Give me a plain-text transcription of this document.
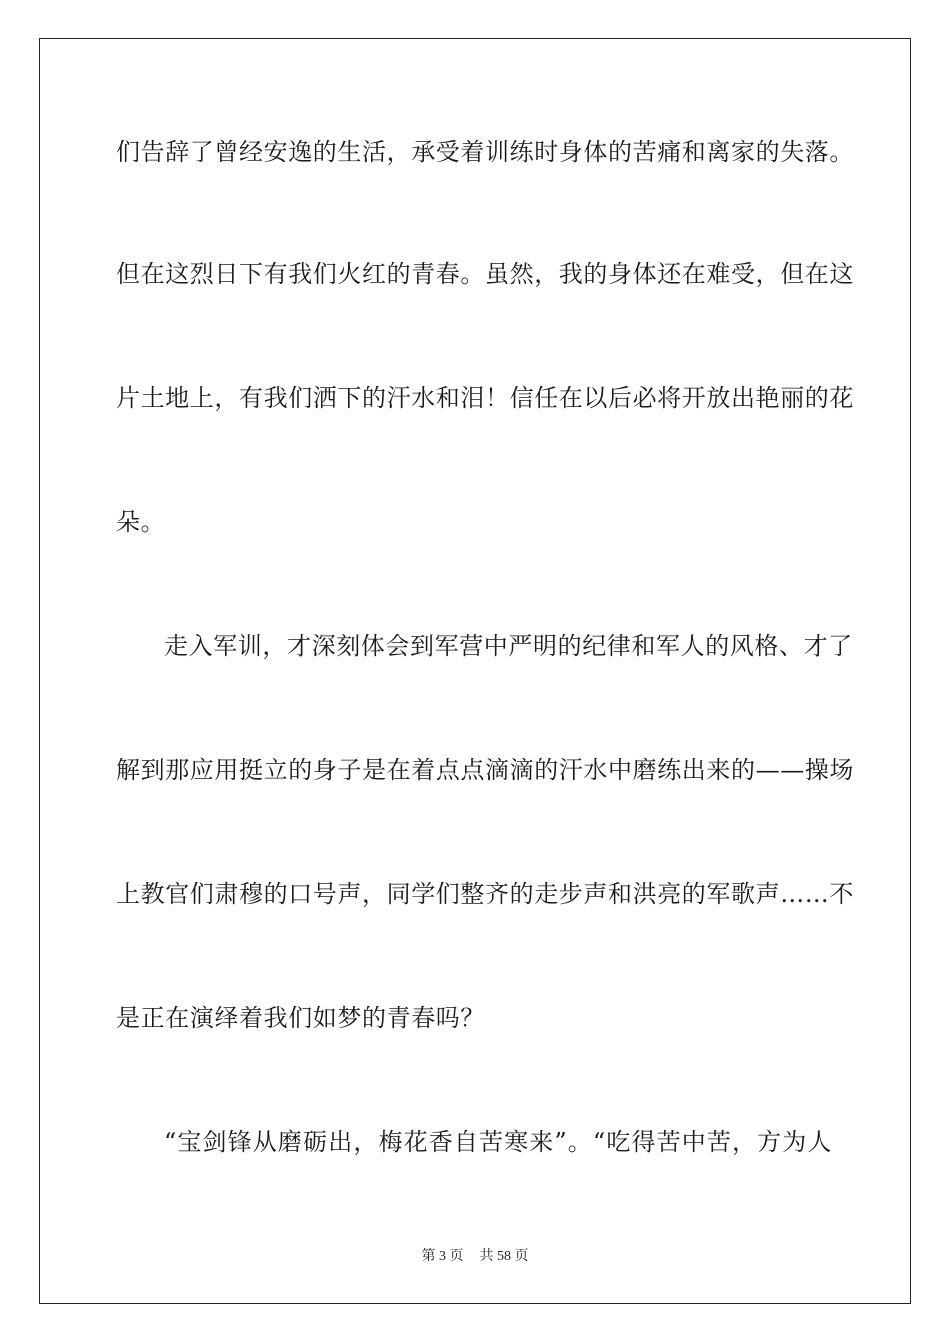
们告辞了曾经安逸的生活，承受着训练时身体的苦痛和离家的失落。
但在这烈日下有我们火红的青春。虽然，我的身体还在难受，但在这
片土地上，有我们洒下的汗水和泪！信任在以后必将开放出艳丽的花
朵。
走入军训，才深刻体会到军营中严明的纪律和军人的风格、才了
解到那应用挺立的身子是在着点点滴滴的汗水中磨练出来的——操场
上教官们肃穆的口号声，同学们整齐的走步声和洪亮的军歌声……不
是正在演绎着我们如梦的青春吗？
“宝剑锋从磨砺出，梅花香自苦寒来”。“吃得苦中苦，方为人
第 3 页 共 58 页
